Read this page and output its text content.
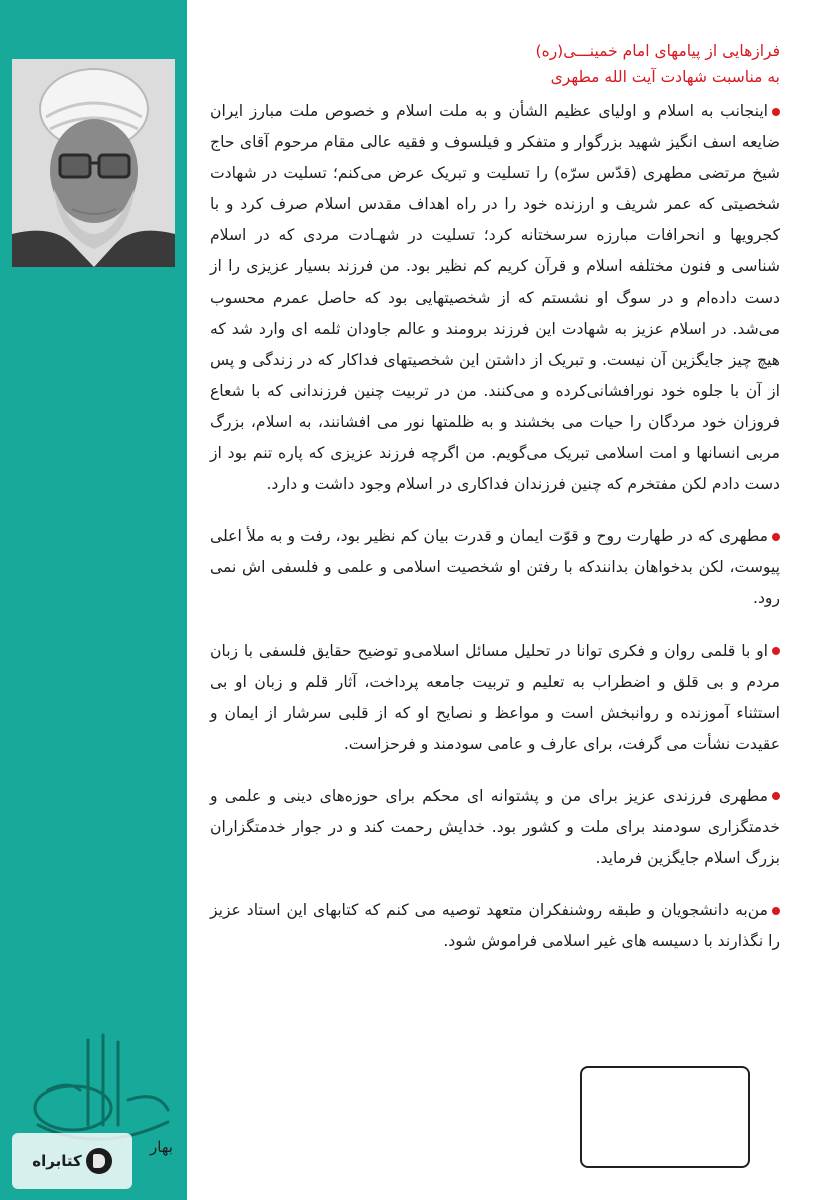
کتابراه
بهار
فرازهایی از پیامهای امام خمینـــی(ره)
به مناسبت شهادت آیت الله مطهری

اینجانب به اسلام و اولیای عظیم الشأن و به ملت اسلام و خصوص ملت مبارز ایران ضایعه اسف انگیز شهید بزرگوار و متفکر و فیلسوف و فقیه عالی مقام مرحوم آقای حاج شیخ مرتضی مطهری (قدّس سرّه) را تسلیت و تبریک عرض می‌کنم؛ تسلیت در شهادت شخصیتی که عمر شریف و ارزنده خود را در راه اهداف مقدس اسلام صرف کرد و با کجرویها و انحرافات مبارزه سرسختانه کرد؛ تسلیت در شهـادت مردی که در اسلام شناسی و فنون مختلفه اسلام و قرآن کریم کم نظیر بود. من فرزند بسیار عزیزی را از دست داده‌ام و در سوگ او نشستم که از شخصیتهایی بود که حاصل عمرم محسوب می‌شد. در اسلام عزیز به شهادت این فرزند برومند و عالم جاودان ثلمه ای وارد شد که هیچ چیز جایگزین آن نیست. و تبریک از داشتن این شخصیتهای فداکار که در زندگی و پس از آن با جلوه خود نورافشانی‌کرده و می‌کنند. من در تربیت چنین فرزندانی که با شعاع فروزان خود مردگان را حیات می بخشند و به ظلمتها نور می افشانند، به اسلام، بزرگ مربی انسانها و امت اسلامی تبریک می‌گویم. من اگرچه فرزند عزیزی که پاره تنم بود از دست دادم لکن مفتخرم که چنین فرزندان فداکاری در اسلام وجود داشت و دارد.

مطهری که در طهارت روح و قوّت ایمان و قدرت بیان کم نظیر بود، رفت و به ملأ اعلی پیوست، لکن بدخواهان بدانندکه با رفتن او شخصیت اسلامی و علمی و فلسفی اش نمی رود.

او با قلمی روان و فکری توانا در تحلیل مسائل اسلامی‌و توضیح حقایق فلسفی با زبان مردم و بی قلق و اضطراب به تعلیم و تربیت جامعه پرداخت، آثار قلم و زبان او بی استثناء آموزنده و روانبخش است و مواعظ و نصایح او که از قلبی سرشار از ایمان و عقیدت نشأت می گرفت، برای عارف و عامی سودمند و فرحزاست.

مطهری فرزندی عزیز برای من و پشتوانه ای محکم برای حوزه‌های دینی و علمی و خدمتگزاری سودمند برای ملت و کشور بود. خدایش رحمت کند و در جوار خدمتگزاران بزرگ اسلام جایگزین فرماید.

من‌به دانشجویان و طبقه روشنفکران متعهد توصیه می کنم که کتابهای این استاد عزیز را نگذارند با دسیسه های غیر اسلامی فراموش شود.
